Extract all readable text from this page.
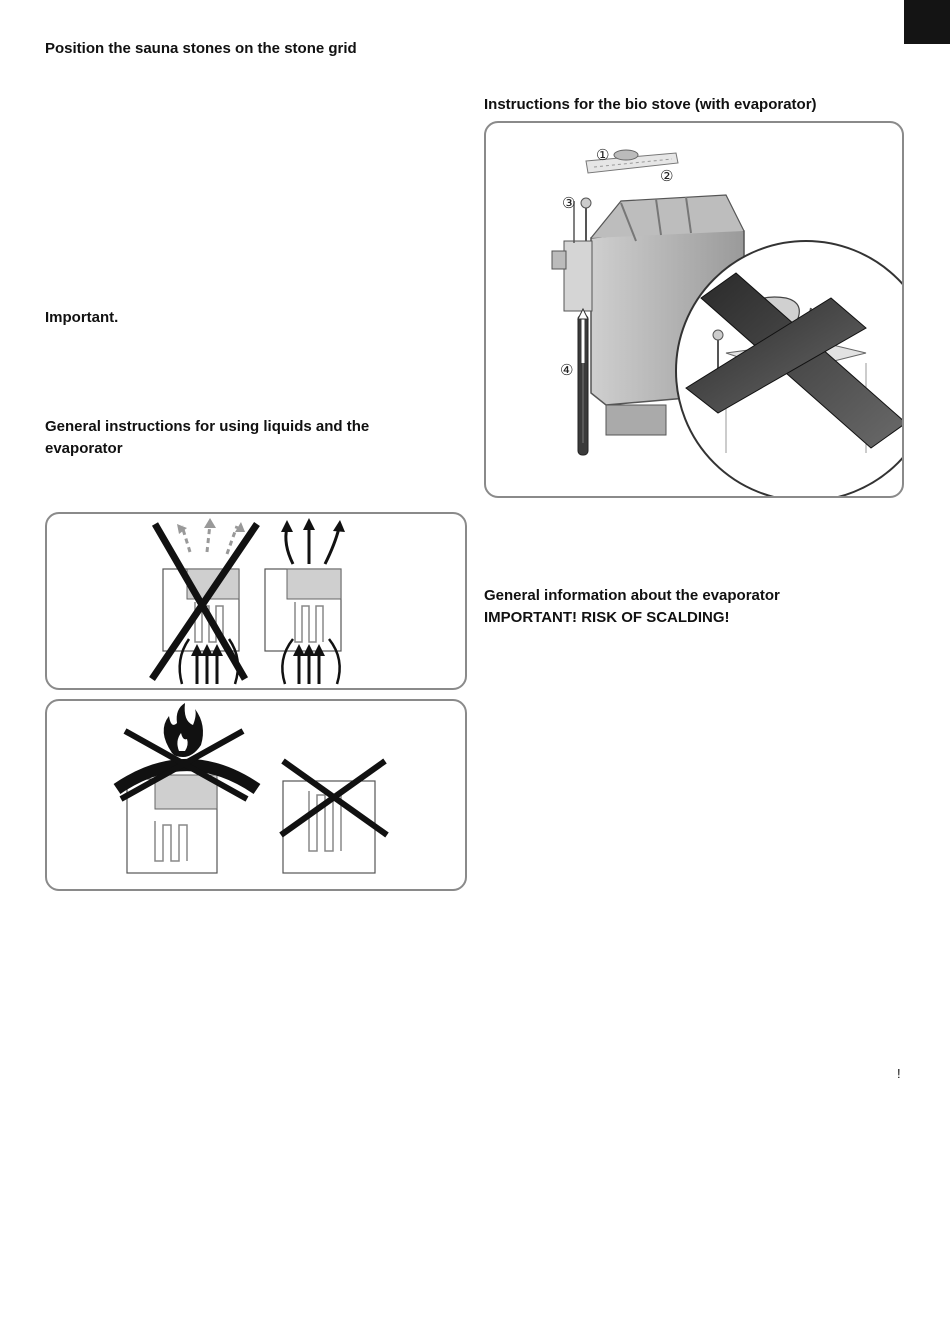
Position the sauna stones on the stone grid
Instructions for the bio stove (with evaporator)
Important.
General instructions for using liquids and the
evaporator
General information about the evaporator
IMPORTANT! RISK OF SCALDING!
①
②
③
④
!
